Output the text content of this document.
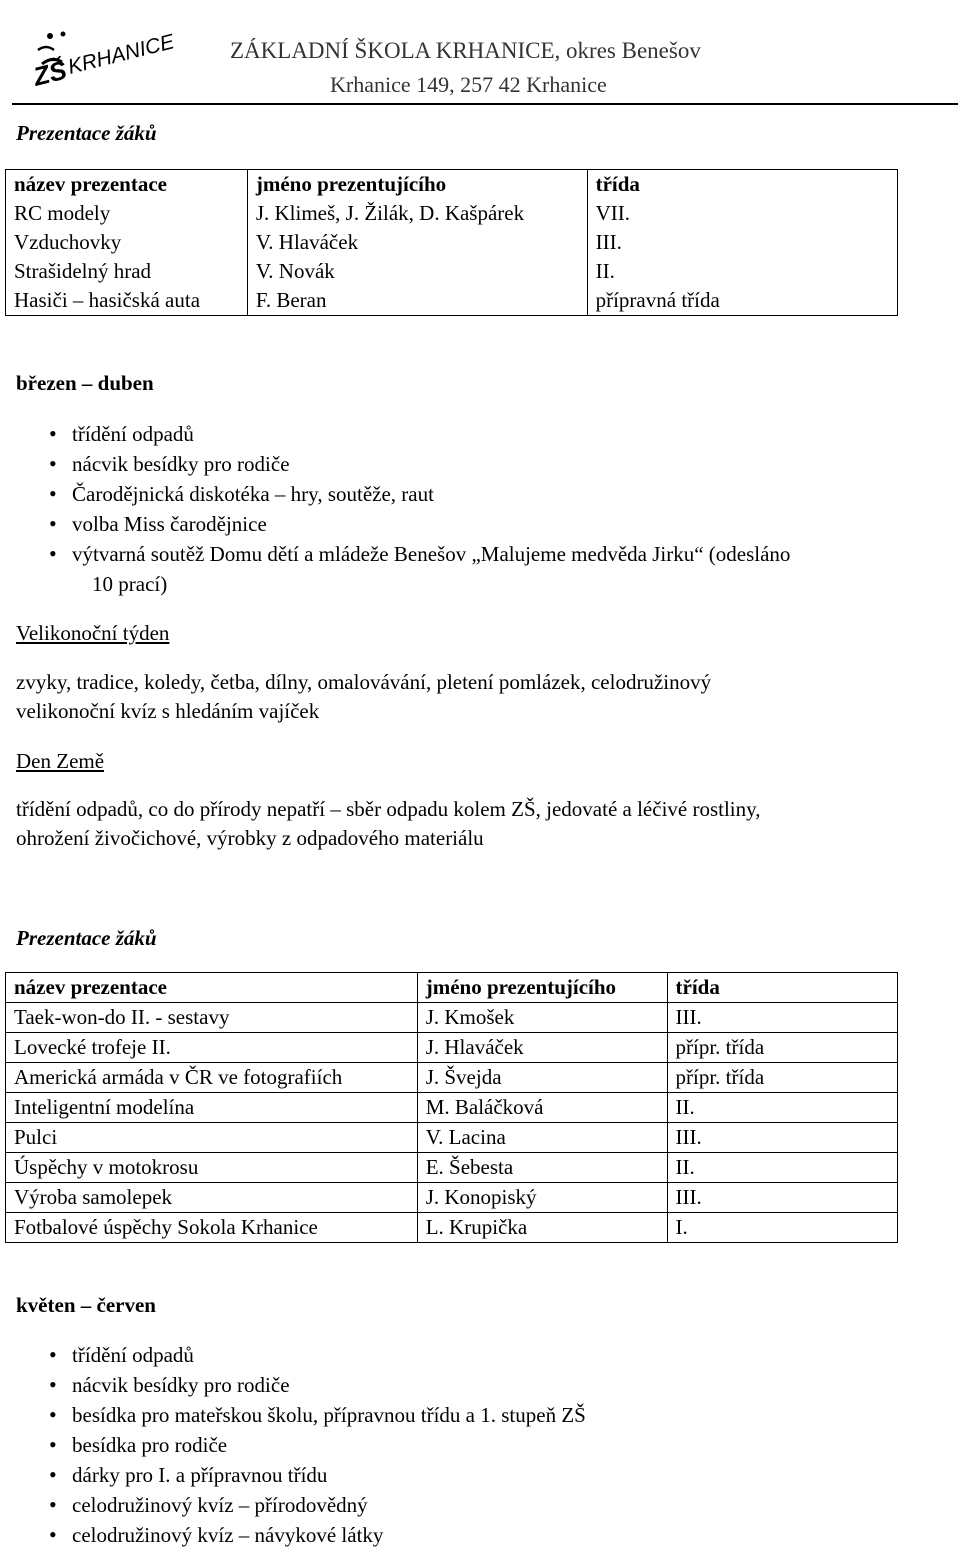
ZŠ
KRHANICE ZÁKLADNÍ ŠKOLA KRHANICE, okres Benešov
Krhanice 149, 257 42 Krhanice
Prezentace žáků
název prezentace	jméno prezentujícího	třída
RC modely	J. Klimeš, J. Žilák, D. Kašpárek	VII.
Vzduchovky	V. Hlaváček	III.
Strašidelný hrad	V. Novák	II.
Hasiči – hasičská auta	F. Beran	přípravná třída
březen – duben
• třídění odpadů
• nácvik besídky pro rodiče
• Čarodějnická diskotéka – hry, soutěže, raut
• volba Miss čarodějnice
• výtvarná soutěž Domu dětí a mládeže Benešov „Malujeme medvěda Jirku“ (odesláno
10 prací)
Velikonoční týden
zvyky, tradice, koledy, četba, dílny, omalovávání, pletení pomlázek, celodružinový
velikonoční kvíz s hledáním vajíček
Den Země
třídění odpadů, co do přírody nepatří – sběr odpadu kolem ZŠ, jedovaté a léčivé rostliny,
ohrožení živočichové, výrobky z odpadového materiálu
Prezentace žáků
název prezentace	jméno prezentujícího	třída
Taek-won-do II. - sestavy	J. Kmošek	III.
Lovecké trofeje II.	J. Hlaváček	přípr. třída
Americká armáda v ČR ve fotografiích	J. Švejda	přípr. třída
Inteligentní modelína	M. Baláčková	II.
Pulci	V. Lacina	III.
Úspěchy v motokrosu	E. Šebesta	II.
Výroba samolepek	J. Konopiský	III.
Fotbalové úspěchy Sokola Krhanice	L. Krupička	I.
květen – červen
• třídění odpadů
• nácvik besídky pro rodiče
• besídka pro mateřskou školu, přípravnou třídu a 1. stupeň ZŠ
• besídka pro rodiče
• dárky pro I. a přípravnou třídu
• celodružinový kvíz – přírodovědný
• celodružinový kvíz – návykové látky
